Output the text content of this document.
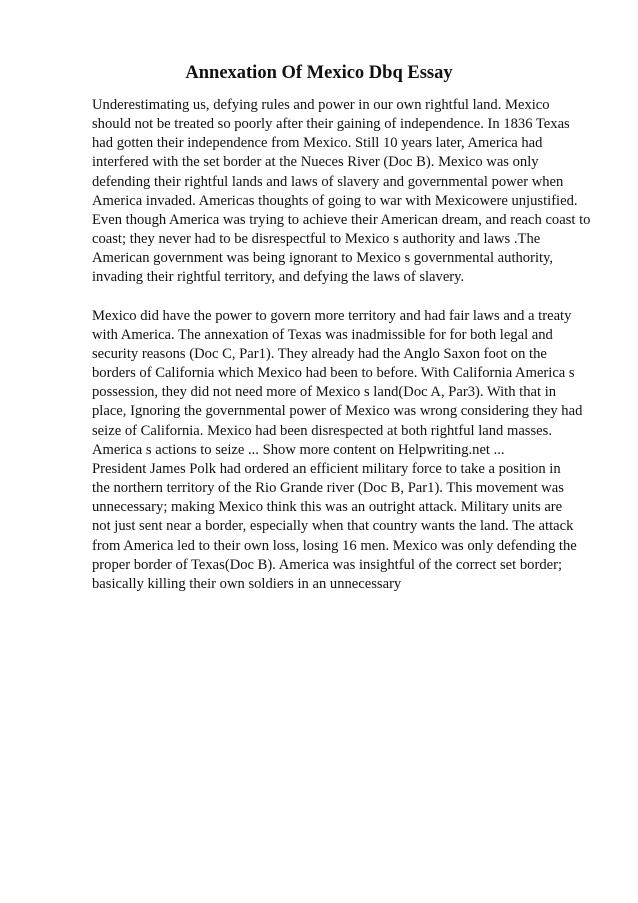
Annexation Of Mexico Dbq Essay
Underestimating us, defying rules and power in our own rightful land. Mexico
should not be treated so poorly after their gaining of independence. In 1836 Texas
had gotten their independence from Mexico. Still 10 years later, America had
interfered with the set border at the Nueces River (Doc B). Mexico was only
defending their rightful lands and laws of slavery and governmental power when
America invaded. Americas thoughts of going to war with Mexicowere unjustified.
Even though America was trying to achieve their American dream, and reach coast to
coast; they never had to be disrespectful to Mexico s authority and laws .The
American government was being ignorant to Mexico s governmental authority,
invading their rightful territory, and defying the laws of slavery.
Mexico did have the power to govern more territory and had fair laws and a treaty
with America. The annexation of Texas was inadmissible for for both legal and
security reasons (Doc C, Par1). They already had the Anglo Saxon foot on the
borders of California which Mexico had been to before. With California America s
possession, they did not need more of Mexico s land(Doc A, Par3). With that in
place, Ignoring the governmental power of Mexico was wrong considering they had
seize of California. Mexico had been disrespected at both rightful land masses.
America s actions to seize ... Show more content on Helpwriting.net ...
President James Polk had ordered an efficient military force to take a position in
the northern territory of the Rio Grande river (Doc B, Par1). This movement was
unnecessary; making Mexico think this was an outright attack. Military units are
not just sent near a border, especially when that country wants the land. The attack
from America led to their own loss, losing 16 men. Mexico was only defending the
proper border of Texas(Doc B). America was insightful of the correct set border;
basically killing their own soldiers in an unnecessary
